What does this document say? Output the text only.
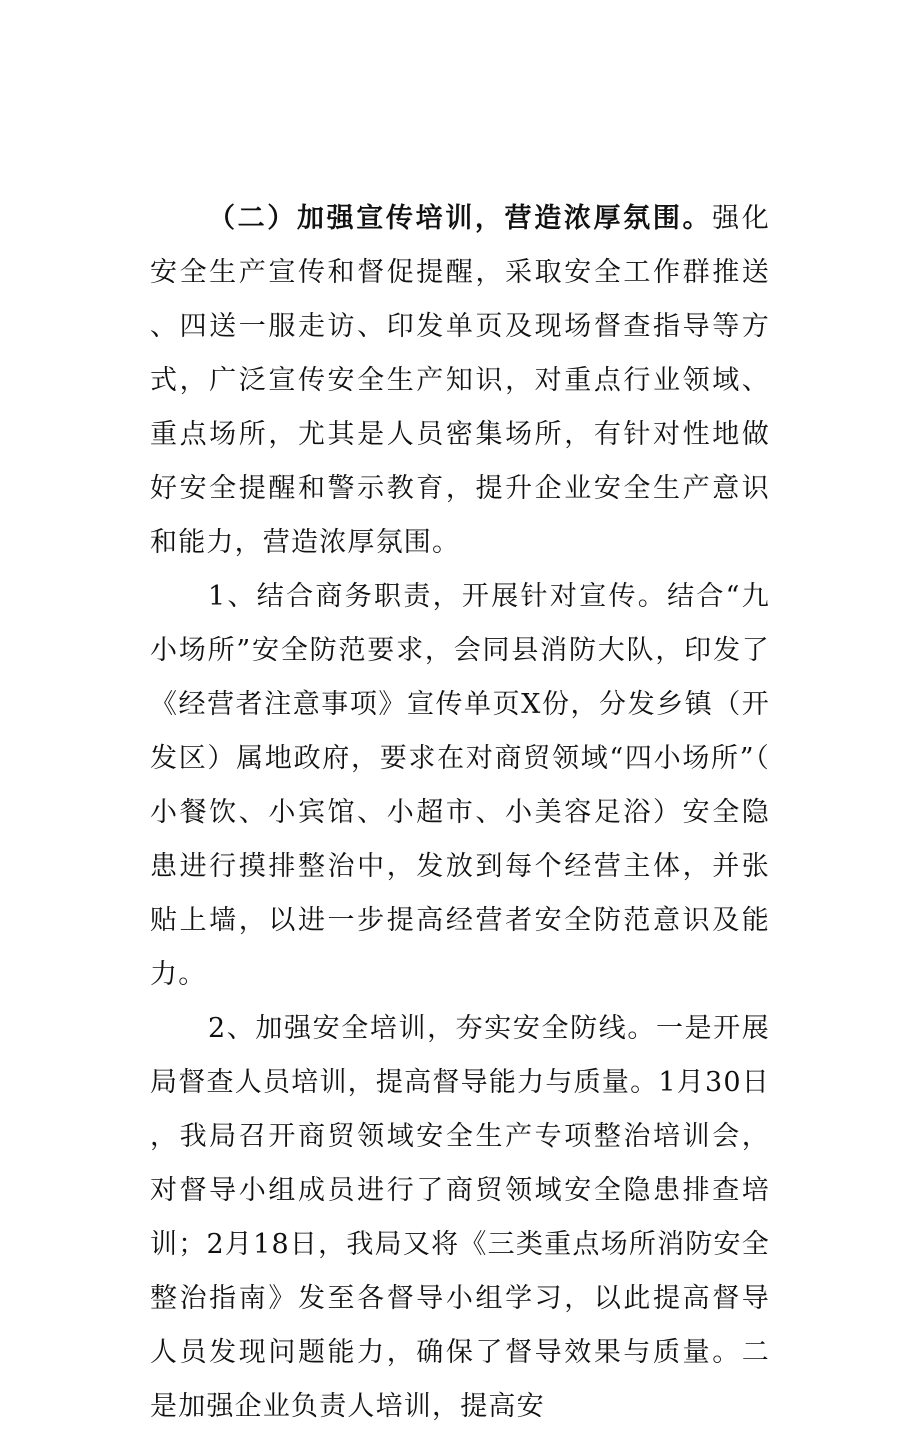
（二）加强宣传培训，营造浓厚氛围。强化安全生产宣传和督促提醒，采取安全工作群推送、四送一服走访、印发单页及现场督查指导等方式，广泛宣传安全生产知识，对重点行业领域、重点场所，尤其是人员密集场所，有针对性地做好安全提醒和警示教育，提升企业安全生产意识和能力，营造浓厚氛围。

1、结合商务职责，开展针对宣传。结合“九小场所”安全防范要求，会同县消防大队，印发了《经营者注意事项》宣传单页X份，分发乡镇（开发区）属地政府，要求在对商贸领域“四小场所”（小餐饮、小宾馆、小超市、小美容足浴）安全隐患进行摸排整治中，发放到每个经营主体，并张贴上墙，以进一步提高经营者安全防范意识及能力。

2、加强安全培训，夯实安全防线。一是开展局督查人员培训，提高督导能力与质量。1月30日，我局召开商贸领域安全生产专项整治培训会，对督导小组成员进行了商贸领域安全隐患排查培训；2月18日，我局又将《三类重点场所消防安全整治指南》发至各督导小组学习，以此提高督导人员发现问题能力，确保了督导效果与质量。二是加强企业负责人培训，提高安
